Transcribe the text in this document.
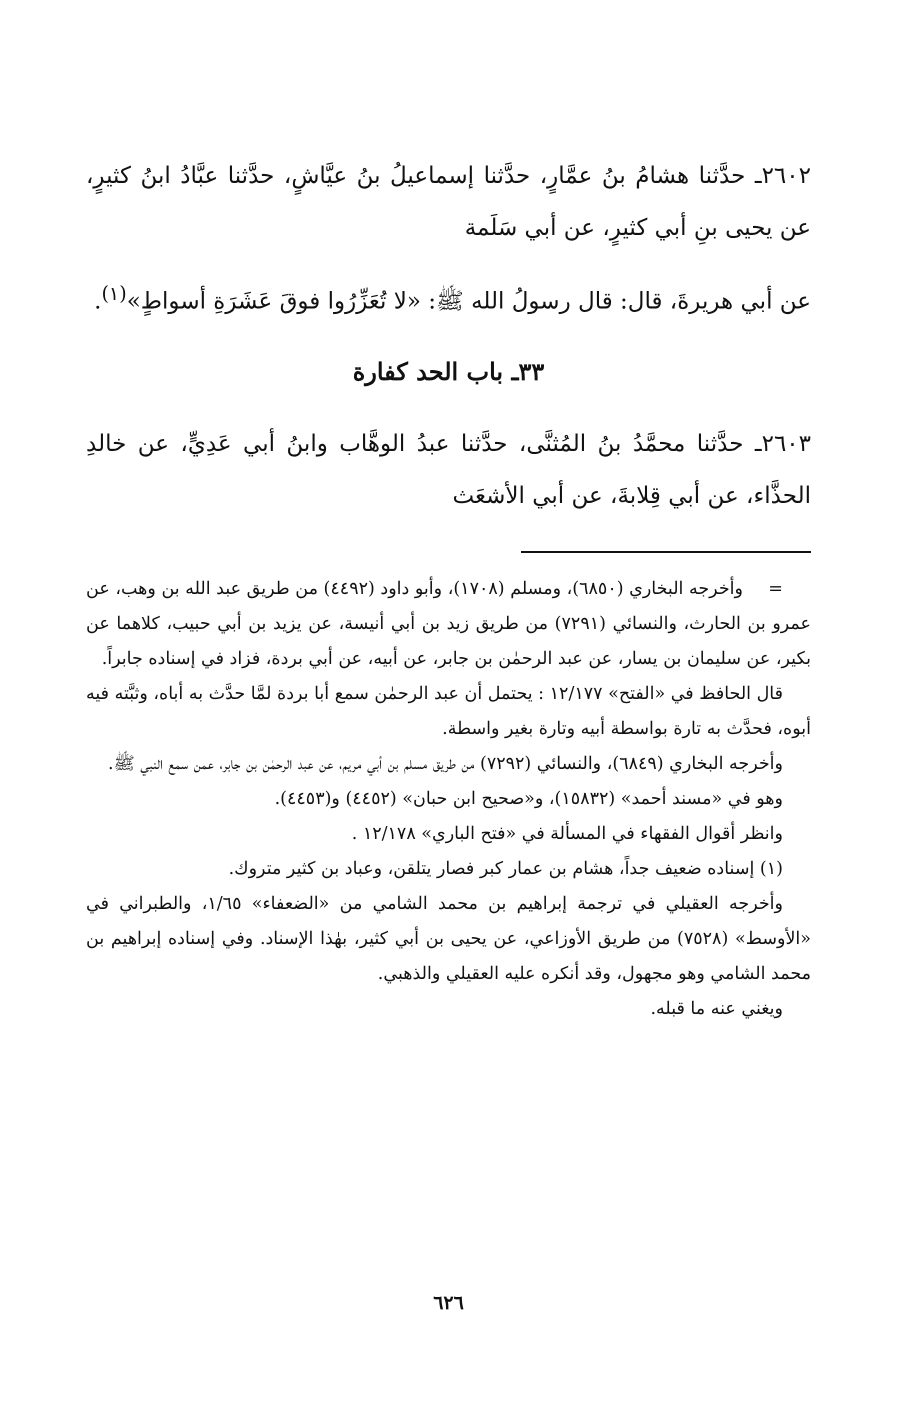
٢٦٠٢ـ حدَّثنا هشامُ بنُ عمَّارٍ، حدَّثنا إسماعيلُ بنُ عيَّاشٍ، حدَّثنا عبَّادُ ابنُ كثيرٍ، عن يحيى بنِ أبي كثيرٍ، عن أبي سَلَمة

عن أبي هريرةَ، قال: قال رسولُ الله ﷺ: «لا تُعَزِّرُوا فوقَ عَشَرَةِ أسواطٍ»$^{(١)}$.

٣٣ـ باب الحد كفارة

٢٦٠٣ـ حدَّثنا محمَّدُ بنُ المُثنَّى، حدَّثنا عبدُ الوهَّاب وابنُ أبي عَدِيٍّ، عن خالدِ الحذَّاء، عن أبي قِلابةَ، عن أبي الأشعَث

=وأخرجه البخاري (٦٨٥٠)، ومسلم (١٧٠٨)، وأبو داود (٤٤٩٢) من طريق عبد الله بن وهب، عن عمرو بن الحارث، والنسائي (٧٢٩١) من طريق زيد بن أبي أنيسة، عن يزيد بن أبي حبيب، كلاهما عن بكير، عن سليمان بن يسار، عن عبد الرحمٰن بن جابر، عن أبيه، عن أبي بردة، فزاد في إسناده جابراً.

قال الحافظ في «الفتح» ١٢/١٧٧ : يحتمل أن عبد الرحمٰن سمع أبا بردة لمَّا حدَّث به أباه، وثبَّته فيه أبوه، فحدَّث به تارة بواسطة أبيه وتارة بغير واسطة.

وأخرجه البخاري (٦٨٤٩)، والنسائي (٧٢٩٢) من طريق مسلم بن أبي مريم، عن عبد الرحمٰن بن جابر، عمن سمع النبي ﷺ.

وهو في «مسند أحمد» (١٥٨٣٢)، و«صحيح ابن حبان» (٤٤٥٢) و(٤٤٥٣).

وانظر أقوال الفقهاء في المسألة في «فتح الباري» ١٢/١٧٨ .

(١) إسناده ضعيف جداً، هشام بن عمار كبر فصار يتلقن، وعباد بن كثير متروك.

وأخرجه العقيلي في ترجمة إبراهيم بن محمد الشامي من «الضعفاء» ١/٦٥، والطبراني في «الأوسط» (٧٥٢٨) من طريق الأوزاعي، عن يحيى بن أبي كثير، بهٰذا الإسناد. وفي إسناده إبراهيم بن محمد الشامي وهو مجهول، وقد أنكره عليه العقيلي والذهبي.

ويغني عنه ما قبله.

٦٢٦
